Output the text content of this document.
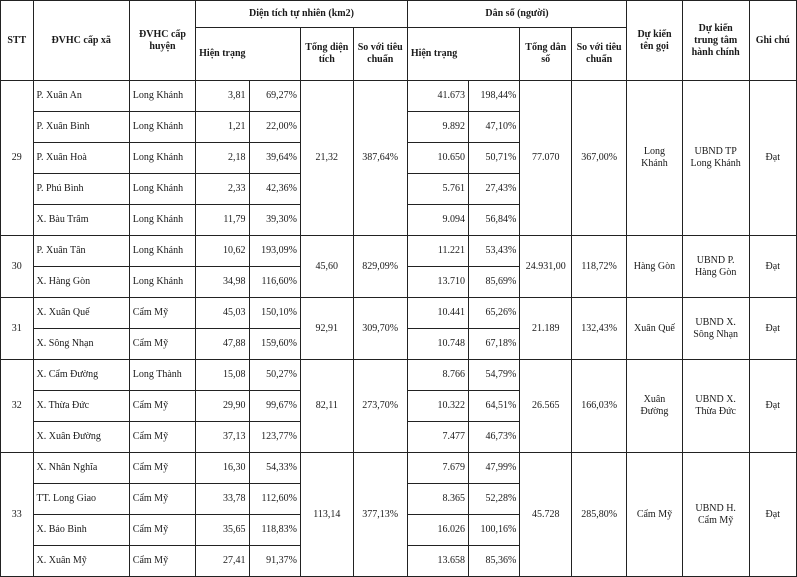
STT	ĐVHC cấp xã	ĐVHC cấp huyện	Diện tích tự nhiên (km2)				Dân số (người)				Dự kiến tên gọi	Dự kiến trung tâm hành chính	Ghi chú
			Hiện trạng		Tổng diện tích	So với tiêu chuẩn	Hiện trạng		Tổng dân số	So với tiêu chuẩn			
29	P. Xuân An	Long Khánh	3,81	69,27%	21,32	387,64%	41.673	198,44%	77.070	367,00%	Long Khánh	UBND TP Long Khánh	Đạt
	P. Xuân Bình	Long Khánh	1,21	22,00%			9.892	47,10%					
	P. Xuân Hoà	Long Khánh	2,18	39,64%			10.650	50,71%					
	P. Phú Bình	Long Khánh	2,33	42,36%			5.761	27,43%					
	X. Bàu Trâm	Long Khánh	11,79	39,30%			9.094	56,84%					
30	P. Xuân Tân	Long Khánh	10,62	193,09%	45,60	829,09%	11.221	53,43%	24.931,00	118,72%	Hàng Gòn	UBND P. Hàng Gòn	Đạt
	X. Hàng Gòn	Long Khánh	34,98	116,60%			13.710	85,69%					
31	X. Xuân Quế	Cẩm Mỹ	45,03	150,10%	92,91	309,70%	10.441	65,26%	21.189	132,43%	Xuân Quế	UBND X. Sông Nhạn	Đạt
	X. Sông Nhạn	Cẩm Mỹ	47,88	159,60%			10.748	67,18%					
32	X. Cẩm Đường	Long Thành	15,08	50,27%	82,11	273,70%	8.766	54,79%	26.565	166,03%	Xuân Đường	UBND X. Thừa Đức	Đạt
	X. Thừa Đức	Cẩm Mỹ	29,90	99,67%			10.322	64,51%					
	X. Xuân Đường	Cẩm Mỹ	37,13	123,77%			7.477	46,73%					
33	X. Nhân Nghĩa	Cẩm Mỹ	16,30	54,33%	113,14	377,13%	7.679	47,99%	45.728	285,80%	Cẩm Mỹ	UBND H. Cẩm Mỹ	Đạt
	TT. Long Giao	Cẩm Mỹ	33,78	112,60%			8.365	52,28%					
	X. Bảo Bình	Cẩm Mỹ	35,65	118,83%			16.026	100,16%					
	X. Xuân Mỹ	Cẩm Mỹ	27,41	91,37%			13.658	85,36%					
